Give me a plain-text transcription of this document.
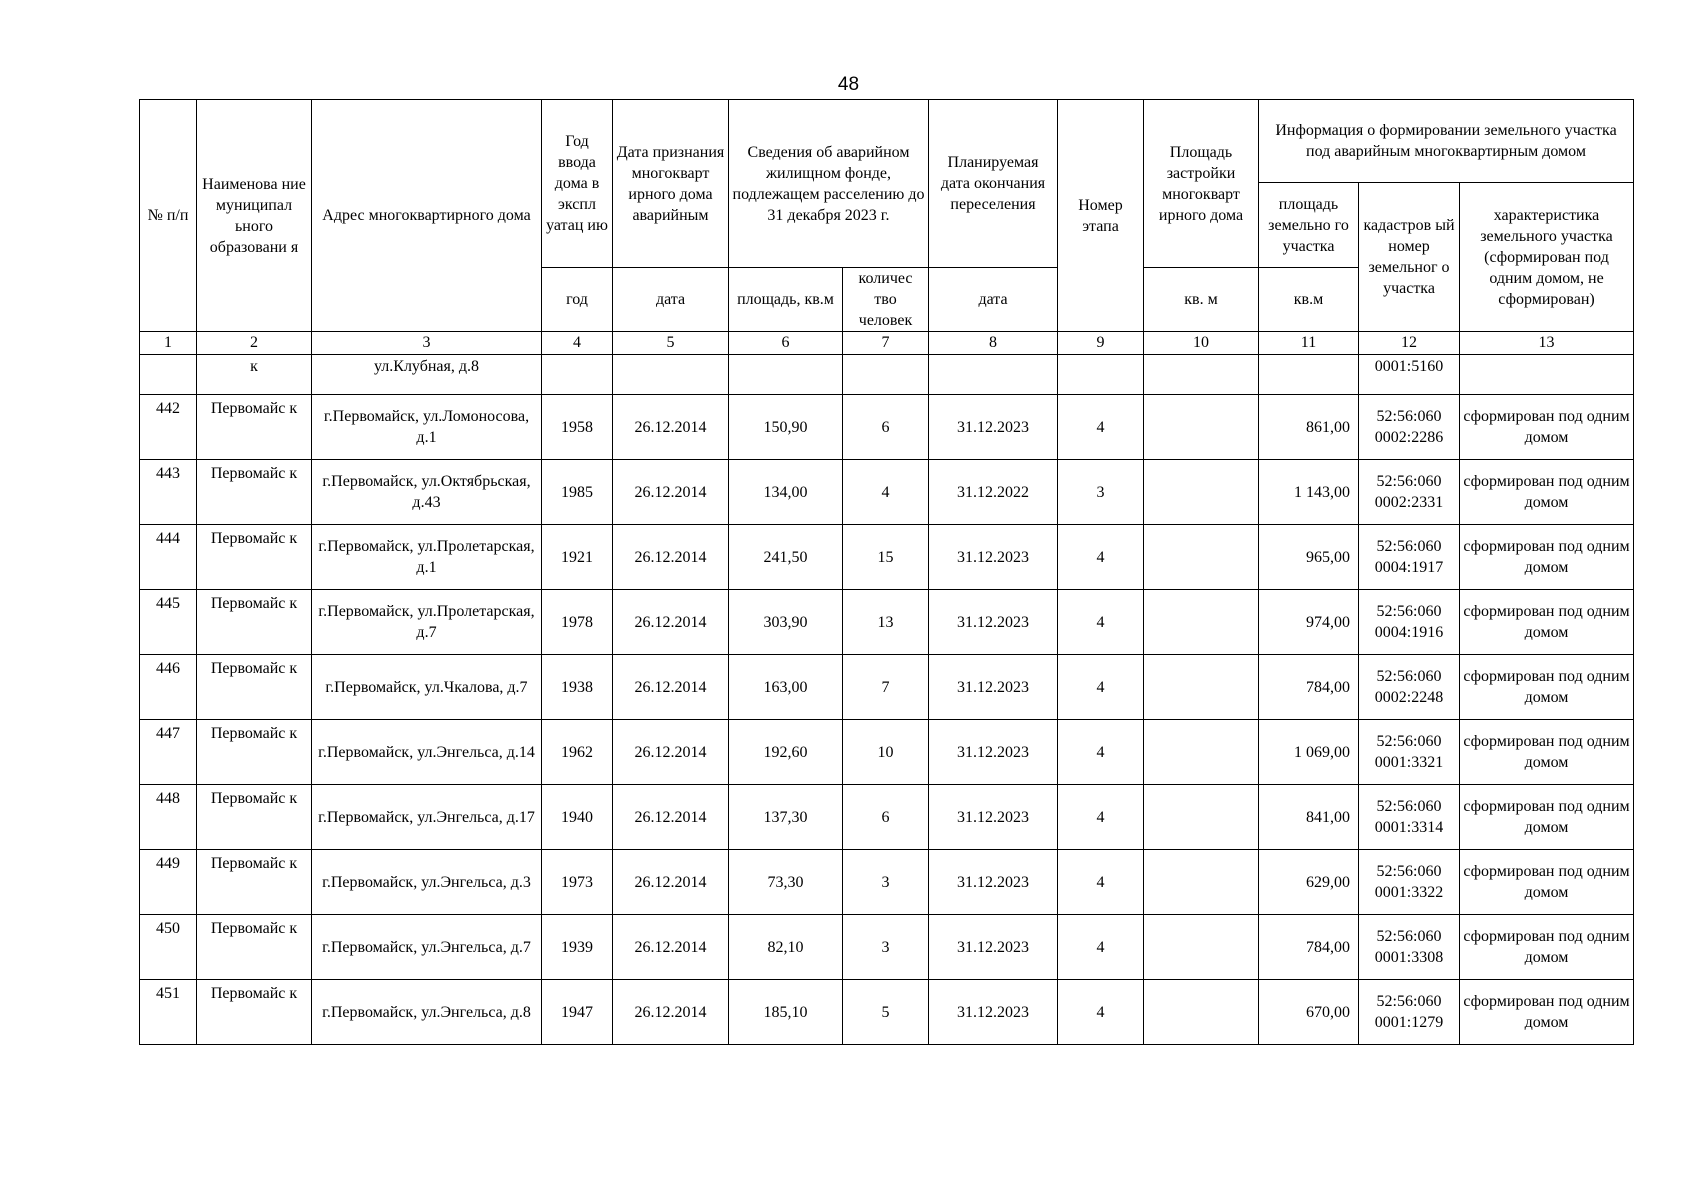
48
№ п/п	Наименова ние муниципал ьного образовани я	Адрес многоквартирного дома	Год ввода дома в экспл уатац ию	Дата признания многокварт ирного дома аварийным	Сведения об аварийном жилищном фонде, подлежащем расселению до 31 декабря 2023 г.		Планируемая дата окончания переселения	Номер этапа	Площадь застройки многокварт ирного дома	Информация о формировании земельного участка под аварийным многоквартирным домом		
										площадь земельно го участка	кадастров ый номер земельног о участка	характеристика земельного участка (сформирован под одним домом, не сформирован)
			год	дата	площадь, кв.м	количес тво человек	дата		кв. м	кв.м		
1	2	3	4	5	6	7	8	9	10	11	12	13
	к	ул.Клубная, д.8									0001:5160	
442	Первомайс к	г.Первомайск, ул.Ломоносова, д.1	1958	26.12.2014	150,90	6	31.12.2023	4		861,00	52:56:060 0002:2286	сформирован под одним домом
443	Первомайс к	г.Первомайск, ул.Октябрьская, д.43	1985	26.12.2014	134,00	4	31.12.2022	3		1 143,00	52:56:060 0002:2331	сформирован под одним домом
444	Первомайс к	г.Первомайск, ул.Пролетарская, д.1	1921	26.12.2014	241,50	15	31.12.2023	4		965,00	52:56:060 0004:1917	сформирован под одним домом
445	Первомайс к	г.Первомайск, ул.Пролетарская, д.7	1978	26.12.2014	303,90	13	31.12.2023	4		974,00	52:56:060 0004:1916	сформирован под одним домом
446	Первомайс к	г.Первомайск, ул.Чкалова, д.7	1938	26.12.2014	163,00	7	31.12.2023	4		784,00	52:56:060 0002:2248	сформирован под одним домом
447	Первомайс к	г.Первомайск, ул.Энгельса, д.14	1962	26.12.2014	192,60	10	31.12.2023	4		1 069,00	52:56:060 0001:3321	сформирован под одним домом
448	Первомайс к	г.Первомайск, ул.Энгельса, д.17	1940	26.12.2014	137,30	6	31.12.2023	4		841,00	52:56:060 0001:3314	сформирован под одним домом
449	Первомайс к	г.Первомайск, ул.Энгельса, д.3	1973	26.12.2014	73,30	3	31.12.2023	4		629,00	52:56:060 0001:3322	сформирован под одним домом
450	Первомайс к	г.Первомайск, ул.Энгельса, д.7	1939	26.12.2014	82,10	3	31.12.2023	4		784,00	52:56:060 0001:3308	сформирован под одним домом
451	Первомайс к	г.Первомайск, ул.Энгельса, д.8	1947	26.12.2014	185,10	5	31.12.2023	4		670,00	52:56:060 0001:1279	сформирован под одним домом
